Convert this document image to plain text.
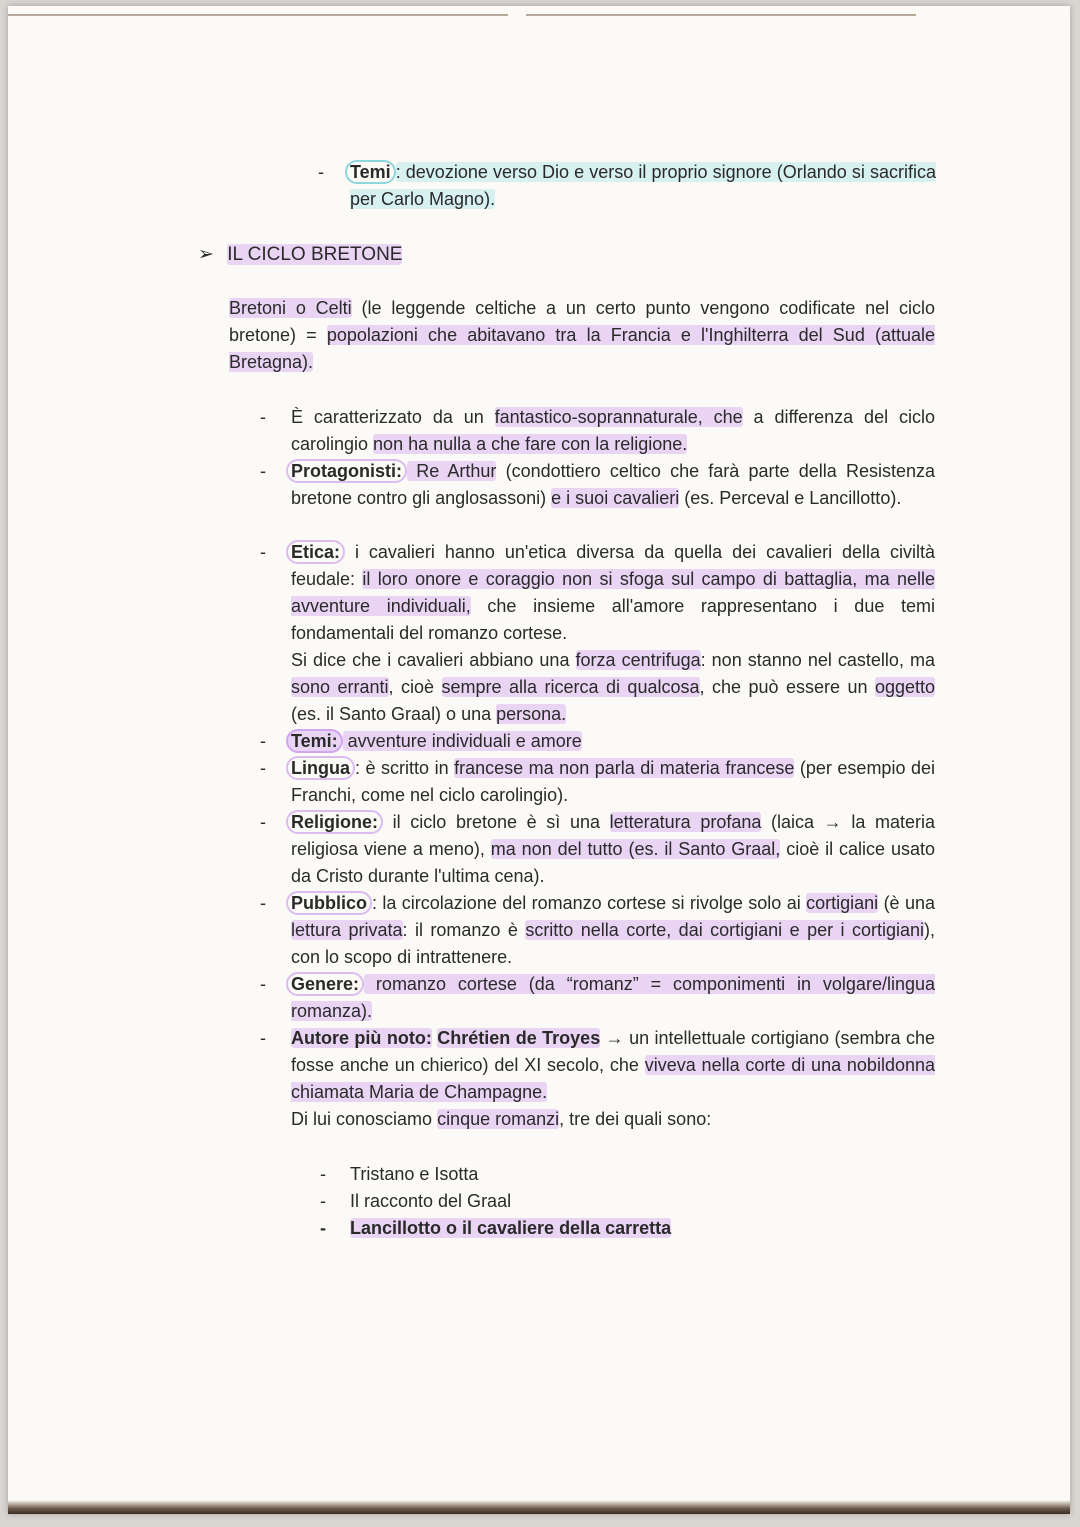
- Temi : devozione verso Dio e verso il proprio signore (Orlando si sacrifica per Carlo Magno).
➢ IL CICLO BRETONE
Bretoni o Celti (le leggende celtiche a un certo punto vengono codificate nel ciclo bretone) = popolazioni che abitavano tra la Francia e l'Inghilterra del Sud (attuale Bretagna).
- È caratterizzato da un fantastico-soprannaturale, che a differenza del ciclo carolingio non ha nulla a che fare con la religione.
- Protagonisti: Re Arthur (condottiero celtico che farà parte della Resistenza bretone contro gli anglosassoni) e i suoi cavalieri (es. Perceval e Lancillotto).
- Etica: i cavalieri hanno un'etica diversa da quella dei cavalieri della civiltà feudale: il loro onore e coraggio non si sfoga sul campo di battaglia, ma nelle avventure individuali, che insieme all'amore rappresentano i due temi fondamentali del romanzo cortese.
Si dice che i cavalieri abbiano una forza centrifuga: non stanno nel castello, ma sono erranti, cioè sempre alla ricerca di qualcosa, che può essere un oggetto (es. il Santo Graal) o una persona.
- Temi: avventure individuali e amore
- Lingua : è scritto in francese ma non parla di materia francese (per esempio dei Franchi, come nel ciclo carolingio).
- Religione: il ciclo bretone è sì una letteratura profana (laica → la materia religiosa viene a meno), ma non del tutto (es. il Santo Graal, cioè il calice usato da Cristo durante l'ultima cena).
- Pubblico : la circolazione del romanzo cortese si rivolge solo ai cortigiani (è una lettura privata: il romanzo è scritto nella corte, dai cortigiani e per i cortigiani), con lo scopo di intrattenere.
- Genere: romanzo cortese (da “romanz” = componimenti in volgare/lingua romanza).
- Autore più noto: Chrétien de Troyes → un intellettuale cortigiano (sembra che fosse anche un chierico) del XI secolo, che viveva nella corte di una nobildonna chiamata Maria de Champagne.
Di lui conosciamo cinque romanzi, tre dei quali sono:
- Tristano e Isotta
- Il racconto del Graal
- Lancillotto o il cavaliere della carretta
